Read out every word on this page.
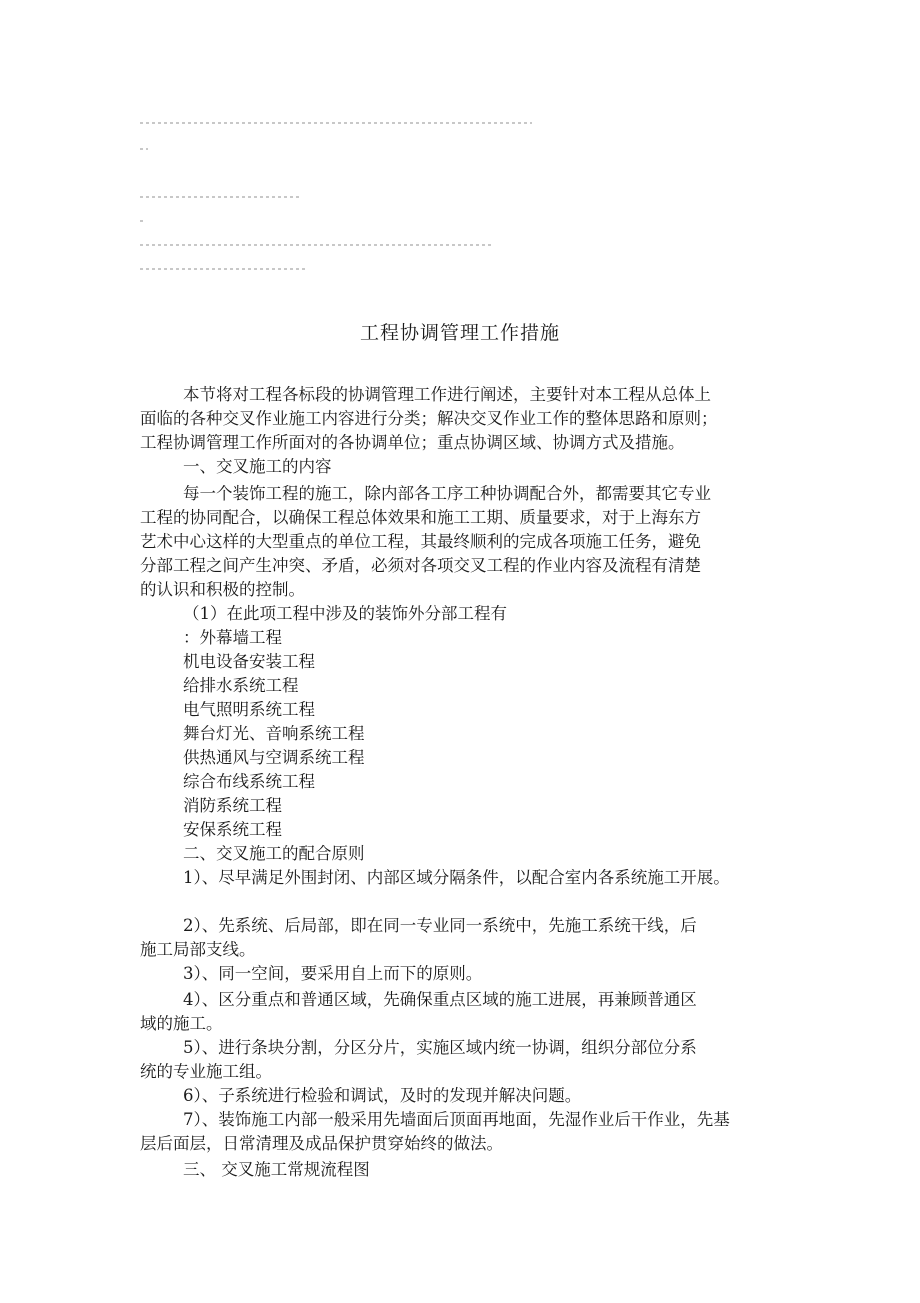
工程协调管理工作措施
本节将对工程各标段的协调管理工作进行阐述，主要针对本工程从总体上
面临的各种交叉作业施工内容进行分类；解决交叉作业工作的整体思路和原则；
工程协调管理工作所面对的各协调单位；重点协调区域、协调方式及措施。
一、交叉施工的内容
每一个装饰工程的施工，除内部各工序工种协调配合外，都需要其它专业
工程的协同配合，以确保工程总体效果和施工工期、质量要求，对于上海东方
艺术中心这样的大型重点的单位工程，其最终顺利的完成各项施工任务，避免
分部工程之间产生冲突、矛盾，必须对各项交叉工程的作业内容及流程有清楚
的认识和积极的控制。
（1）在此项工程中涉及的装饰外分部工程有
：外幕墙工程
机电设备安装工程
给排水系统工程
电气照明系统工程
舞台灯光、音响系统工程
供热通风与空调系统工程
综合布线系统工程
消防系统工程
安保系统工程
二、交叉施工的配合原则
1）、尽早满足外围封闭、内部区域分隔条件，以配合室内各系统施工开展。
2）、先系统、后局部，即在同一专业同一系统中，先施工系统干线，后
施工局部支线。
3）、同一空间，要采用自上而下的原则。
4）、区分重点和普通区域，先确保重点区域的施工进展，再兼顾普通区
域的施工。
5）、进行条块分割，分区分片，实施区域内统一协调，组织分部位分系
统的专业施工组。
6）、子系统进行检验和调试，及时的发现并解决问题。
7）、装饰施工内部一般采用先墙面后顶面再地面，先湿作业后干作业，先基
层后面层，日常清理及成品保护贯穿始终的做法。
三、 交叉施工常规流程图
